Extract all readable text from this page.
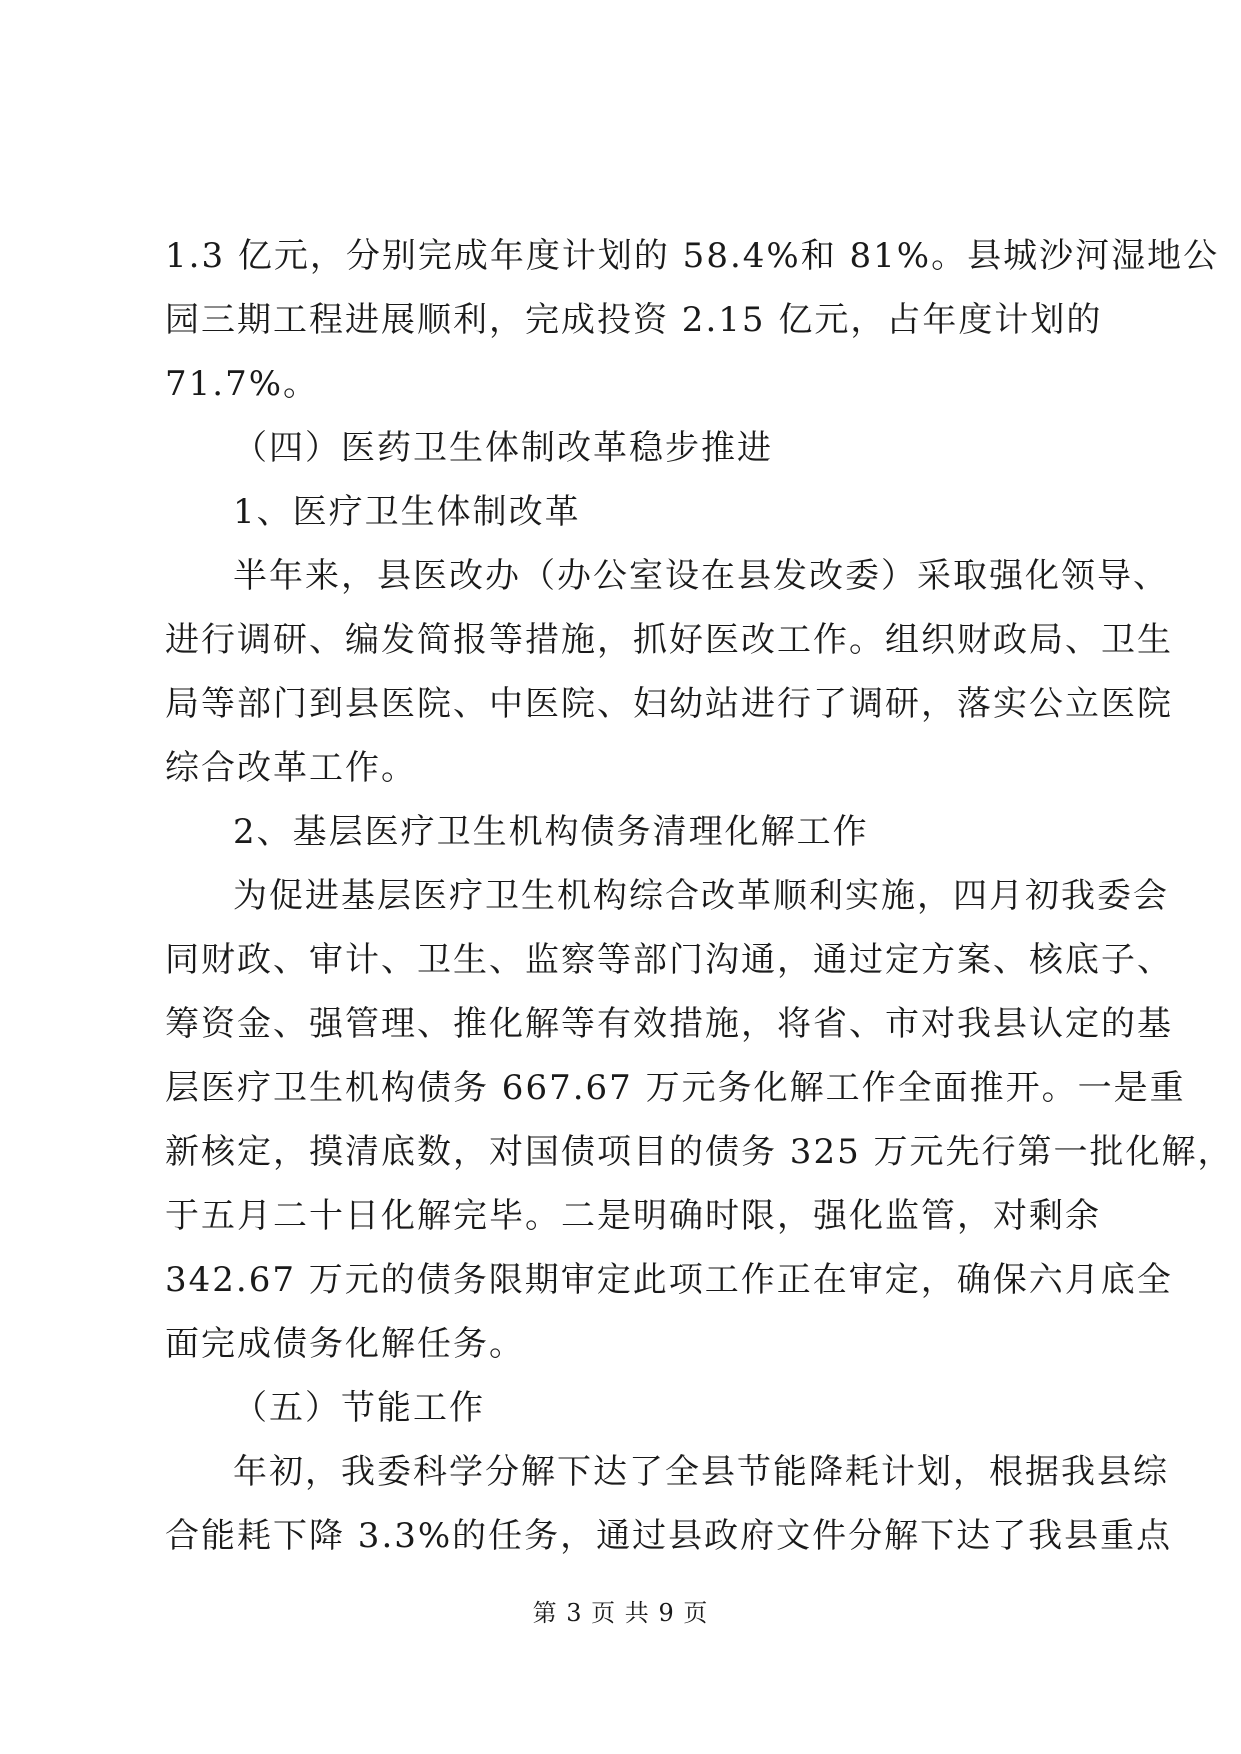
1.3 亿元，分别完成年度计划的 58.4%和 81%。县城沙河湿地公
园三期工程进展顺利，完成投资 2.15 亿元，占年度计划的
71.7%。
（四）医药卫生体制改革稳步推进
1、医疗卫生体制改革
半年来，县医改办（办公室设在县发改委）采取强化领导、
进行调研、编发简报等措施，抓好医改工作。组织财政局、卫生
局等部门到县医院、中医院、妇幼站进行了调研，落实公立医院
综合改革工作。
2、基层医疗卫生机构债务清理化解工作
为促进基层医疗卫生机构综合改革顺利实施，四月初我委会
同财政、审计、卫生、监察等部门沟通，通过定方案、核底子、
筹资金、强管理、推化解等有效措施，将省、市对我县认定的基
层医疗卫生机构债务 667.67 万元务化解工作全面推开。一是重
新核定，摸清底数，对国债项目的债务 325 万元先行第一批化解，
于五月二十日化解完毕。二是明确时限，强化监管，对剩余
342.67 万元的债务限期审定此项工作正在审定，确保六月底全
面完成债务化解任务。
（五）节能工作
年初，我委科学分解下达了全县节能降耗计划，根据我县综
合能耗下降 3.3%的任务，通过县政府文件分解下达了我县重点
第 3 页 共 9 页
